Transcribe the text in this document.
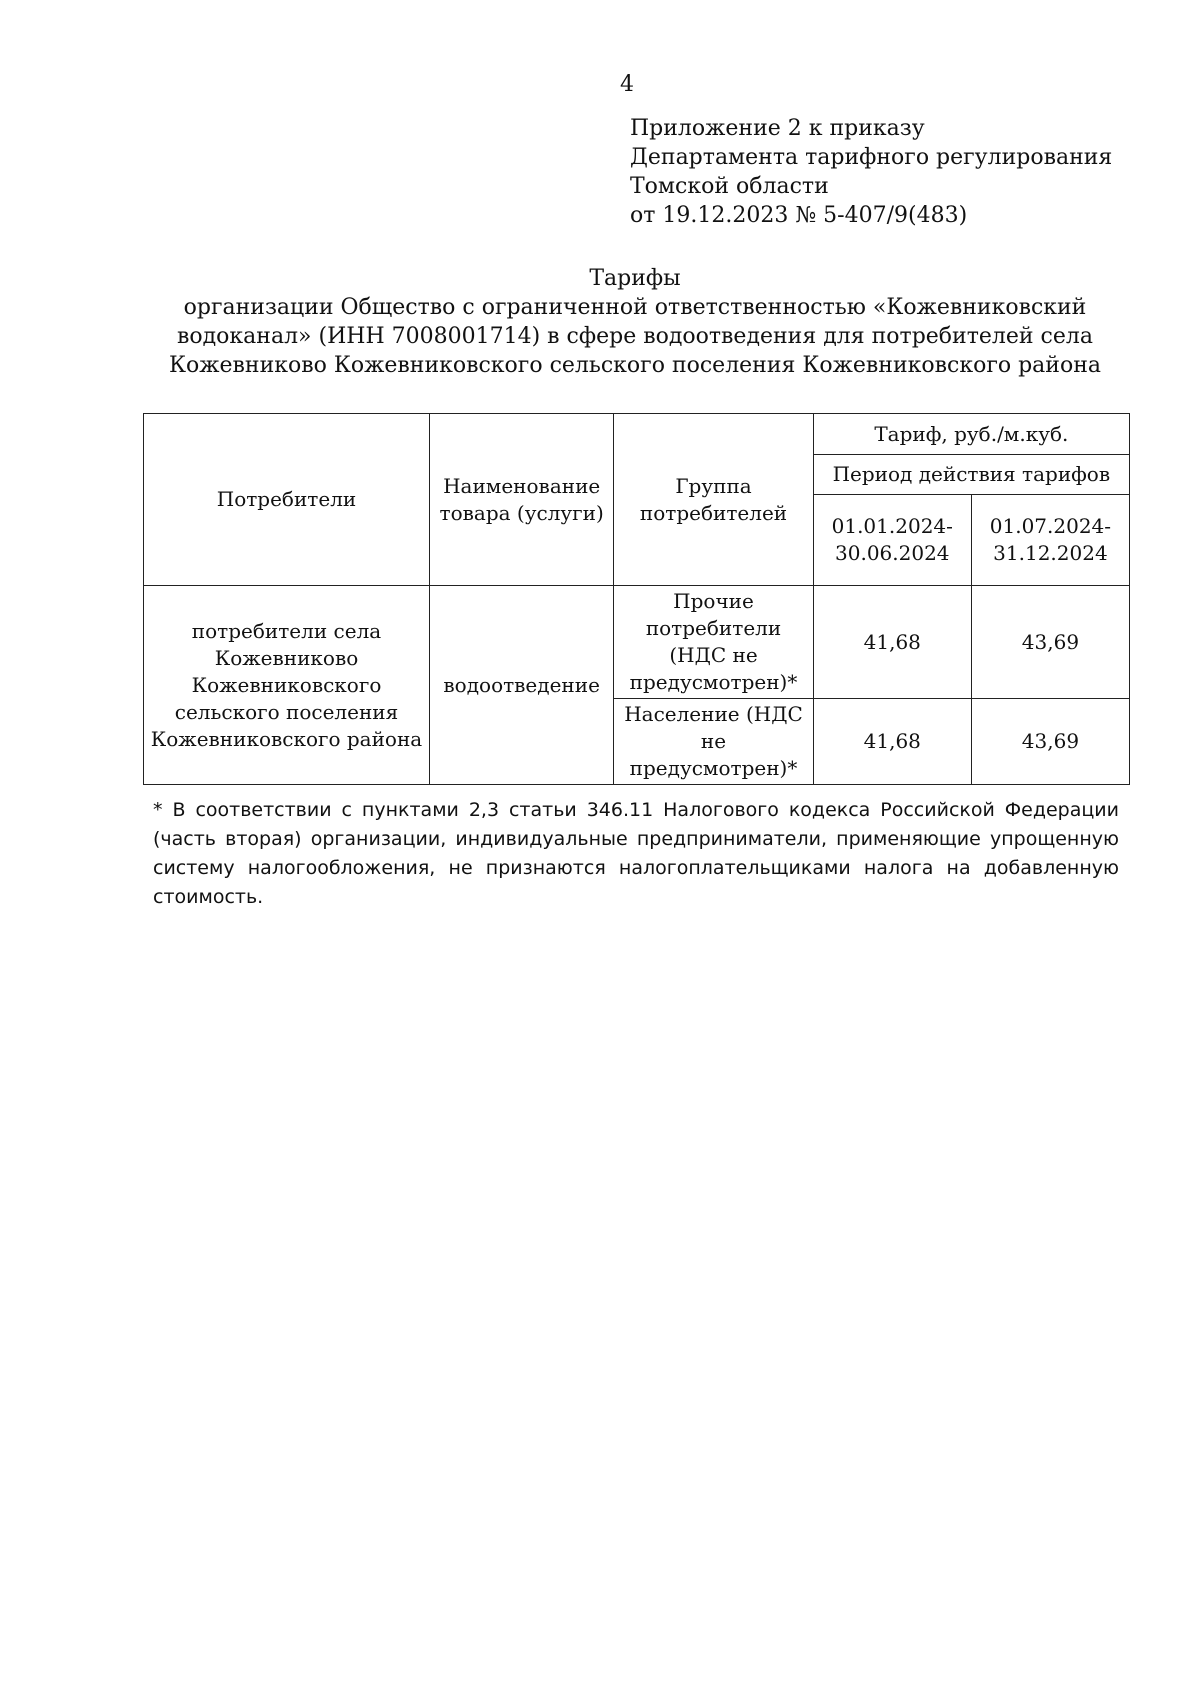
4
Приложение 2 к приказу
Департамента тарифного регулирования
Томской области
от 19.12.2023 № 5-407/9(483)
Тарифы
организации Общество с ограниченной ответственностью «Кожевниковский
водоканал» (ИНН 7008001714) в сфере водоотведения для потребителей села
Кожевниково Кожевниковского сельского поселения Кожевниковского района
Потребители	Наименование товара (услуги)	Группа потребителей	Тариф, руб./м.куб.	
			Период действия тарифов	
			01.01.2024-30.06.2024	01.07.2024-31.12.2024
потребители села Кожевниково Кожевниковского сельского поселения Кожевниковского района	водоотведение	Прочие потребители (НДС не предусмотрен)*	41,68	43,69
		Население (НДС не предусмотрен)*	41,68	43,69
* В соответствии с пунктами 2,3 статьи 346.11 Налогового кодекса Российской Федерации (часть вторая) организации, индивидуальные предприниматели, применяющие упрощенную систему налогообложения, не признаются налогоплательщиками налога на добавленную стоимость.
